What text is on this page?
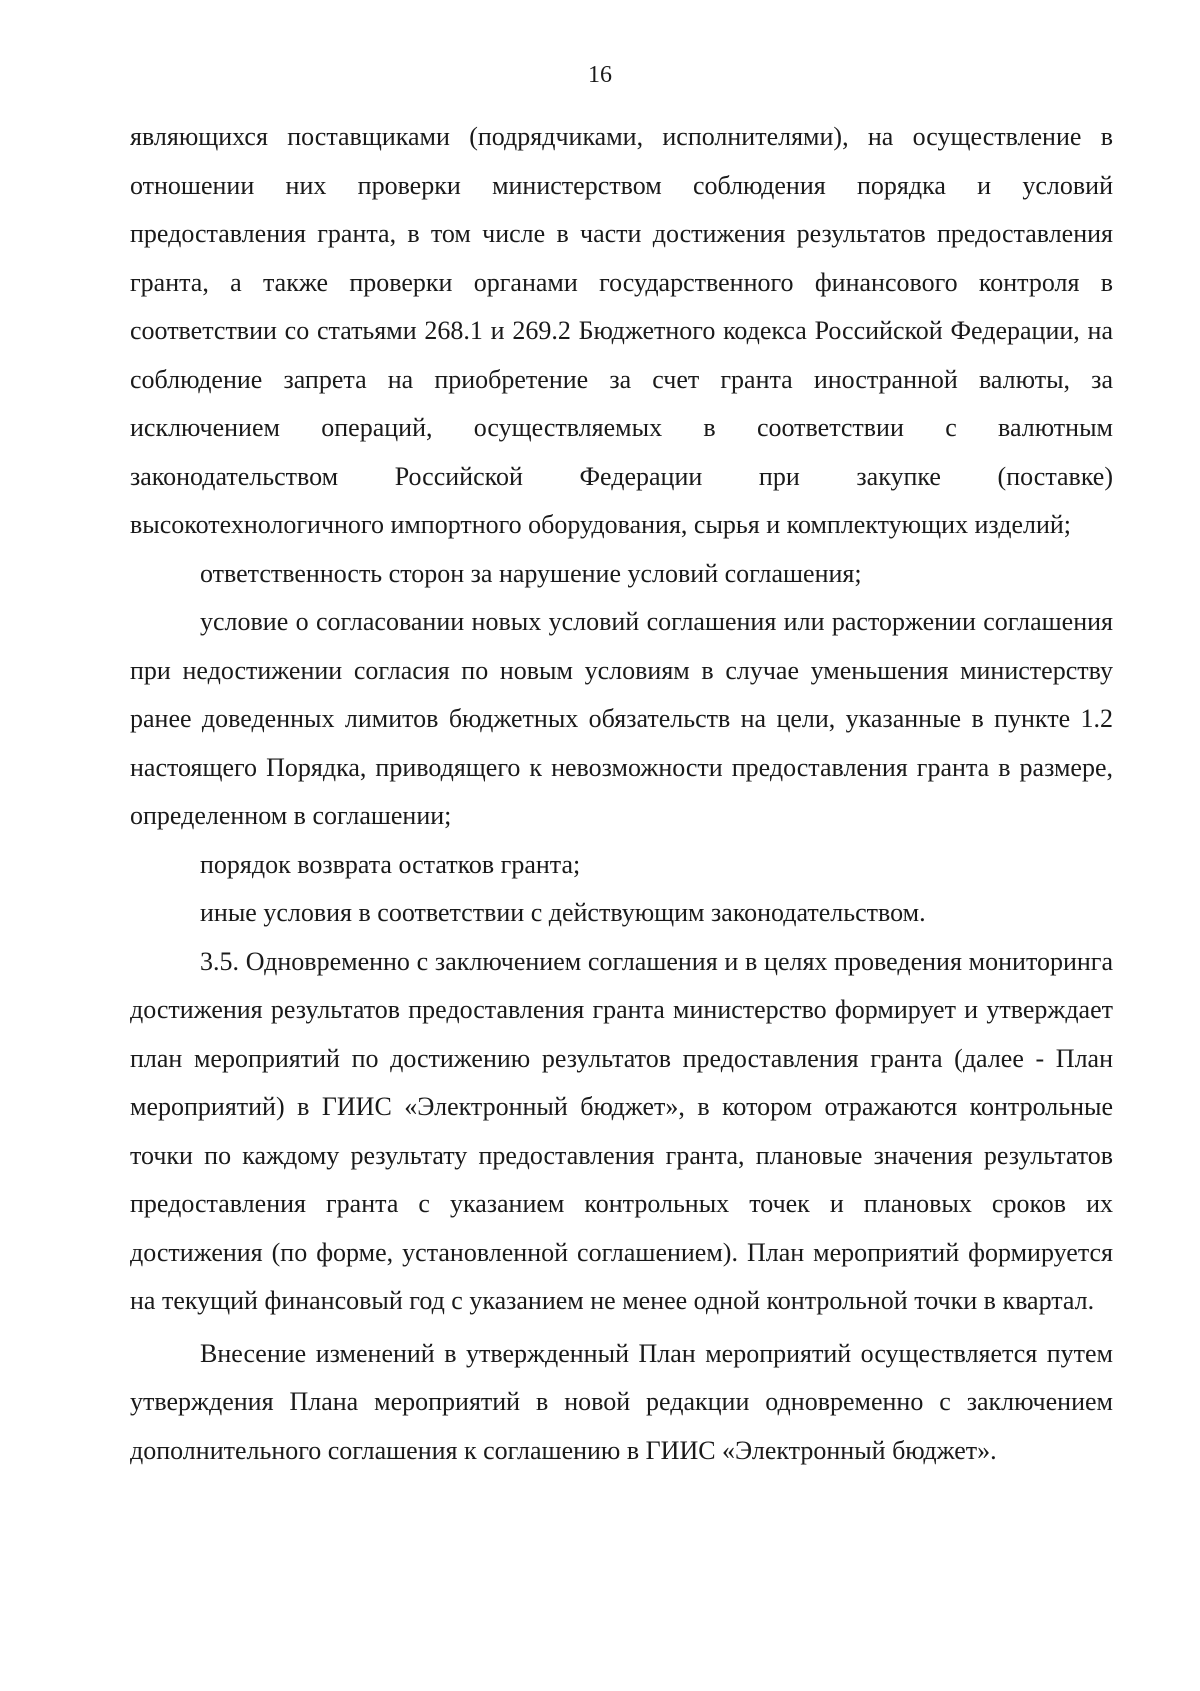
16

являющихся поставщиками (подрядчиками, исполнителями), на осуществление в отношении них проверки министерством соблюдения порядка и условий предоставления гранта, в том числе в части достижения результатов предоставления гранта, а также проверки органами государственного финансового контроля в соответствии со статьями 268.1 и 269.2 Бюджетного кодекса Российской Федерации, на соблюдение запрета на приобретение за счет гранта иностранной валюты, за исключением операций, осуществляемых в соответствии с валютным законодательством Российской Федерации при закупке (поставке) высокотехнологичного импортного оборудования, сырья и комплектующих изделий;

ответственность сторон за нарушение условий соглашения;

условие о согласовании новых условий соглашения или расторжении соглашения при недостижении согласия по новым условиям в случае уменьшения министерству ранее доведенных лимитов бюджетных обязательств на цели, указанные в пункте 1.2 настоящего Порядка, приводящего к невозможности предоставления гранта в размере, определенном в соглашении;

порядок возврата остатков гранта;

иные условия в соответствии с действующим законодательством.

3.5. Одновременно с заключением соглашения и в целях проведения мониторинга достижения результатов предоставления гранта министерство формирует и утверждает план мероприятий по достижению результатов предоставления гранта (далее - План мероприятий) в ГИИС «Электронный бюджет», в котором отражаются контрольные точки по каждому результату предоставления гранта, плановые значения результатов предоставления гранта с указанием контрольных точек и плановых сроков их достижения (по форме, установленной соглашением). План мероприятий формируется на текущий финансовый год с указанием не менее одной контрольной точки в квартал.

Внесение изменений в утвержденный План мероприятий осуществляется путем утверждения Плана мероприятий в новой редакции одновременно с заключением дополнительного соглашения к соглашению в ГИИС «Электронный бюджет».
